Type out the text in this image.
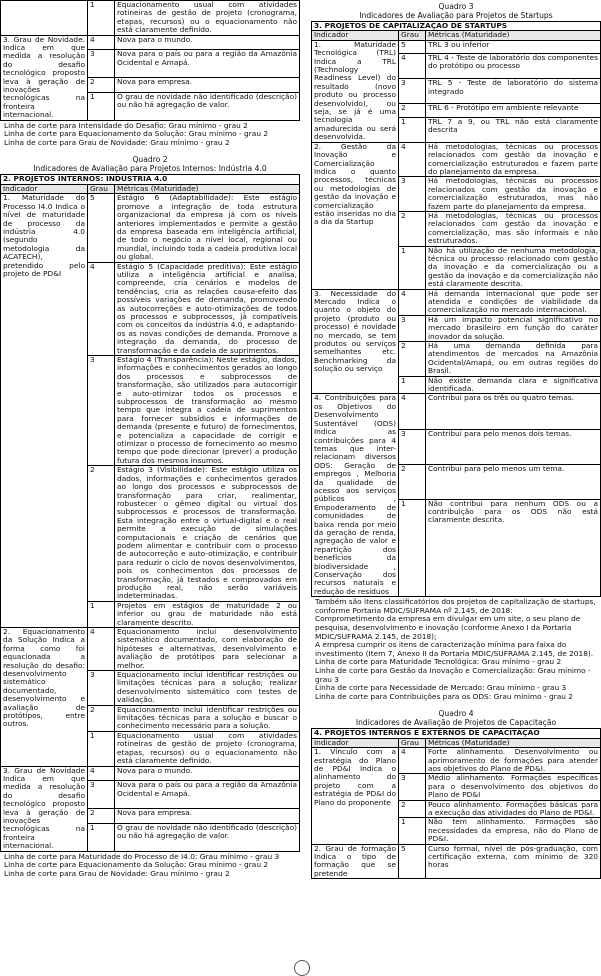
	1	Equacionamento usual com atividades rotineiras de gestão de projeto (cronograma, etapas, recursos) ou o equacionamento não está claramente definido.
3. Grau de Novidade. Indica em que medida a resolução do desafio tecnológico proposto leva à geração de inovações tecnológicas na fronteira internacional.	4	Nova para o mundo.
	3	Nova para o país ou para a região da Amazônia Ocidental e Amapá.
	2	Nova para empresa.
	1	O grau de novidade não identificado (descrição) ou não há agregação de valor.
Linha de corte para Intensidade do Desafio: Grau mínimo - grau 2
Linha de corte para Equacionamento da Solução: Grau mínimo - grau 2
Linha de corte para Grau de Novidade: Grau mínimo - grau 2
Quadro 2
Indicadores de Avaliação para Projetos Internos: Indústria 4.0
2. PROJETOS INTERNOS: INDÚSTRIA 4.0		
Indicador	Grau	Métricas (Maturidade)
1. Maturidade do Processo I4.0 Indica o nível de maturidade de processo da indústria 4.0 (segundo metodologia da ACATECH), pretendido pelo projeto de PD&I	5	Estágio 6 (Adaptabilidade): Este estágio promove a integração de toda estrutura organizacional da empresa já com os níveis anteriores implementados e permite a gestão da empresa baseada em inteligência artificial, de todo o negócio a nível local, regional ou mundial, incluindo toda a cadeia produtiva local ou global.
	4	Estágio 5 (Capacidade preditiva): Este estágio utiliza a inteligência artificial e analisa, compreende, cria cenários e modelos de tendências, cria as relações causa-efeito das possíveis variações de demanda, promovendo as autocorreções e auto-otimizações de todos os processos e subprocessos, já compatíveis com os conceitos da indústria 4.0, e adaptando-os as novas condições de demanda. Promove a integração da demanda, do processo de transformação e da cadeia de suprimentos.
	3	Estágio 4 (Transparência): Neste estágio, dados, informações e conhecimentos gerados ao longo dos processos e subprocessos de transformação, são utilizados para autocorrigir e auto-otimizar todos os processos e subprocessos de transformação ao mesmo tempo que integra a cadeia de suprimentos para fornecer subsídios e informações de demanda (presente e futuro) de fornecimentos, e potencializa a capacidade de corrigir e otimizar o processo de fornecimento ao mesmo tempo que pode direcionar (prever) a produção futura dos mesmos insumos.
	2	Estágio 3 (Visibilidade): Este estágio utiliza os dados, informações e conhecimentos gerados ao longo dos processos e subprocessos de transformação para criar, realimentar, robustecer o gêmeo digital ou virtual dos subprocessos e processos de transformação. Esta integração entre o virtual-digital e o real permite a execução de simulações computacionais e criação de cenários que podem alimentar e contribuir com o processo de autocorreção e auto-otimização, e contribuir para reduzir o ciclo de novos desenvolvimentos, pois os conhecimentos dos processos de transformação, já testados e comprovados em produção real, não serão variáveis indeterminadas.
	1	Projetos em estágios de maturidade 2 ou inferior ou grau de maturidade não está claramente descrito.
2. Equacionamento da Solução Indica a forma como foi equacionada a resolução do desafio: desenvolvimento sistemático documentado, desenvolvimento e avaliação de protótipos, entre outros.	4	Equacionamento inclui desenvolvimento sistemático documentado, com elaboração de hipóteses e alternativas, desenvolvimento e avaliação de protótipos para selecionar a melhor.
	3	Equacionamento inclui identificar restrições ou limitações técnicas para a solução; realizar desenvolvimento sistemático com testes de validação.
	2	Equacionamento inclui identificar restrições ou limitações técnicas para a solução e buscar o conhecimento necessário para a solução.
	1	Equacionamento usual com atividades rotineiras de gestão de projeto (cronograma, etapas, recursos) ou o equacionamento não está claramente definido.
3. Grau de Novidade Indica em que medida a resolução do desafio tecnológico proposto leva à geração de inovações tecnológicas na fronteira internacional.	4	Nova para o mundo.
	3	Nova para o país ou para a região da Amazônia Ocidental e Amapá.
	2	Nova para empresa.
	1	O grau de novidade não identificado (descrição) ou não há agregação de valor.
Linha de corte para Maturidade do Processo de I4.0: Grau mínimo - grau 3
Linha de corte para Equacionamento da Solução: Grau mínimo - grau 2
Linha de corte para Grau de Novidade: Grau mínimo - grau 2
Quadro 3
Indicadores de Avaliação para Projetos de Startups
3. PROJETOS DE CAPITALIZAÇÃO DE STARTUPS		
Indicador	Grau	Métricas (Maturidade)
1. Maturidade Tecnológica (TRL) Indica a TRL (Technology Readiness Level) do resultado (novo produto ou processo desenvolvido), ou seja, se já é uma tecnologia amadurecida ou será desenvolvida.	5	TRL 3 ou inferior
	4	TRL 4 - Teste de laboratório dos componentes do protótipo ou processo
	3	TRL 5 - Teste de laboratório do sistema integrado
	2	TRL 6 - Protótipo em ambiente relevante
	1	TRL 7 a 9, ou TRL não está claramente descrita
2. Gestão da Inovação e Comercialização Indica o quanto processos, técnicas ou metodologias de gestão da inovação e comercialização estão inseridas no dia a dia da Startup	4	Há metodologias, técnicas ou processos relacionados com gestão da inovação e comercialização estruturados e fazem parte do planejamento da empresa.
	3	Há metodologias, técnicas ou processos relacionados com gestão da inovação e comercialização estruturados, mas não fazem parte do planejamento da empresa.
	2	Há metodologias, técnicas ou processos relacionados com gestão da inovação e comercialização, mas são informais e não estruturados.
	1	Não há utilização de nenhuma metodologia, técnica ou processo relacionado com gestão da inovação e da comercialização ou a gestão da inovação e da comercialização não está claramente descrita.
3. Necessidade do Mercado Indica o quanto o objeto do projeto (produto ou processo) é novidade no mercado, se tem produtos ou serviços semelhantes etc. Benchmarking da solução ou serviço	4	Há demanda internacional que pode ser atendida e condições de viabilidade da comercialização no mercado internacional.
	3	Há um impacto potencial significativo no mercado brasileiro em função do caráter inovador da solução.
	2	Há uma demanda definida para atendimentos de mercados na Amazônia Ocidental/Amapá, ou em outras regiões do Brasil.
	1	Não existe demanda clara e significativa identificada.
4. Contribuições para os Objetivos do Desenvolvimento Sustentável (ODS) Indica as contribuições para 4 temas que inter-relacionam diversos ODS: Geração de empregos , Melhoria da qualidade de acesso aos serviços públicos , Empoderamento de comunidades de baixa renda por meio da geração de renda, agregação de valor e repartição dos benefícios da biodiversidade , Conservação dos recursos naturais e redução de resíduos	4	Contribui para os três ou quatro temas.
	3	Contribui para pelo menos dois temas.
	2	Contribui para pelo menos um tema.
	1	Não contribui para nenhum ODS ou a contribuição para os ODS não está claramente descrita.
Também são itens classificatórios dos projetos de capitalização de startups, conforme Portaria MDIC/SUFRAMA nº 2.145, de 2018:
Comprometimento da empresa em divulgar em um site, o seu plano de pesquisa, desenvolvimento e inovação (conforme Anexo I da Portaria MDIC/SUFRAMA 2.145, de 2018);
A empresa cumprir os itens de caracterização mínima para faixa do investimento (Item 7, Anexo II da Portaria MDIC/SUFRAMA 2.145, de 2018).
Linha de corte para Maturidade Tecnológica: Grau mínimo - grau 2
Linha de corte para Gestão da Inovação e Comercialização: Grau mínimo - grau 3
Linha de corte para Necessidade de Mercado: Grau mínimo - grau 3
Linha de corte para Contribuições para os ODS: Grau mínimo - grau 2
Quadro 4
Indicadores de Avaliação de Projetos de Capacitação
4. PROJETOS INTERNOS E EXTERNOS DE CAPACITAÇÃO		
Indicador	Grau	Métricas (Maturidade)
1. Vínculo com a estratégia do Plano de PD&I Indica o alinhamento do projeto com a estratégia de PD&I do Plano do proponente	4	Forte alinhamento. Desenvolvimento ou aprimoramento de formações para atender aos objetivos do Plano de PD&I.
	3	Médio alinhamento. Formações específicas para o desenvolvimento dos objetivos do Plano de PD&I
	2	Pouco alinhamento. Formações básicas para a execução das atividades do Plano de PD&I.
	1	Não tem alinhamento. Formações são necessidades da empresa, não do Plano de PD&I.
2. Grau de formação Indica o tipo de formação que se pretende	5	Curso formal, nível de pós-graduação, com certificação externa, com mínimo de 320 horas
